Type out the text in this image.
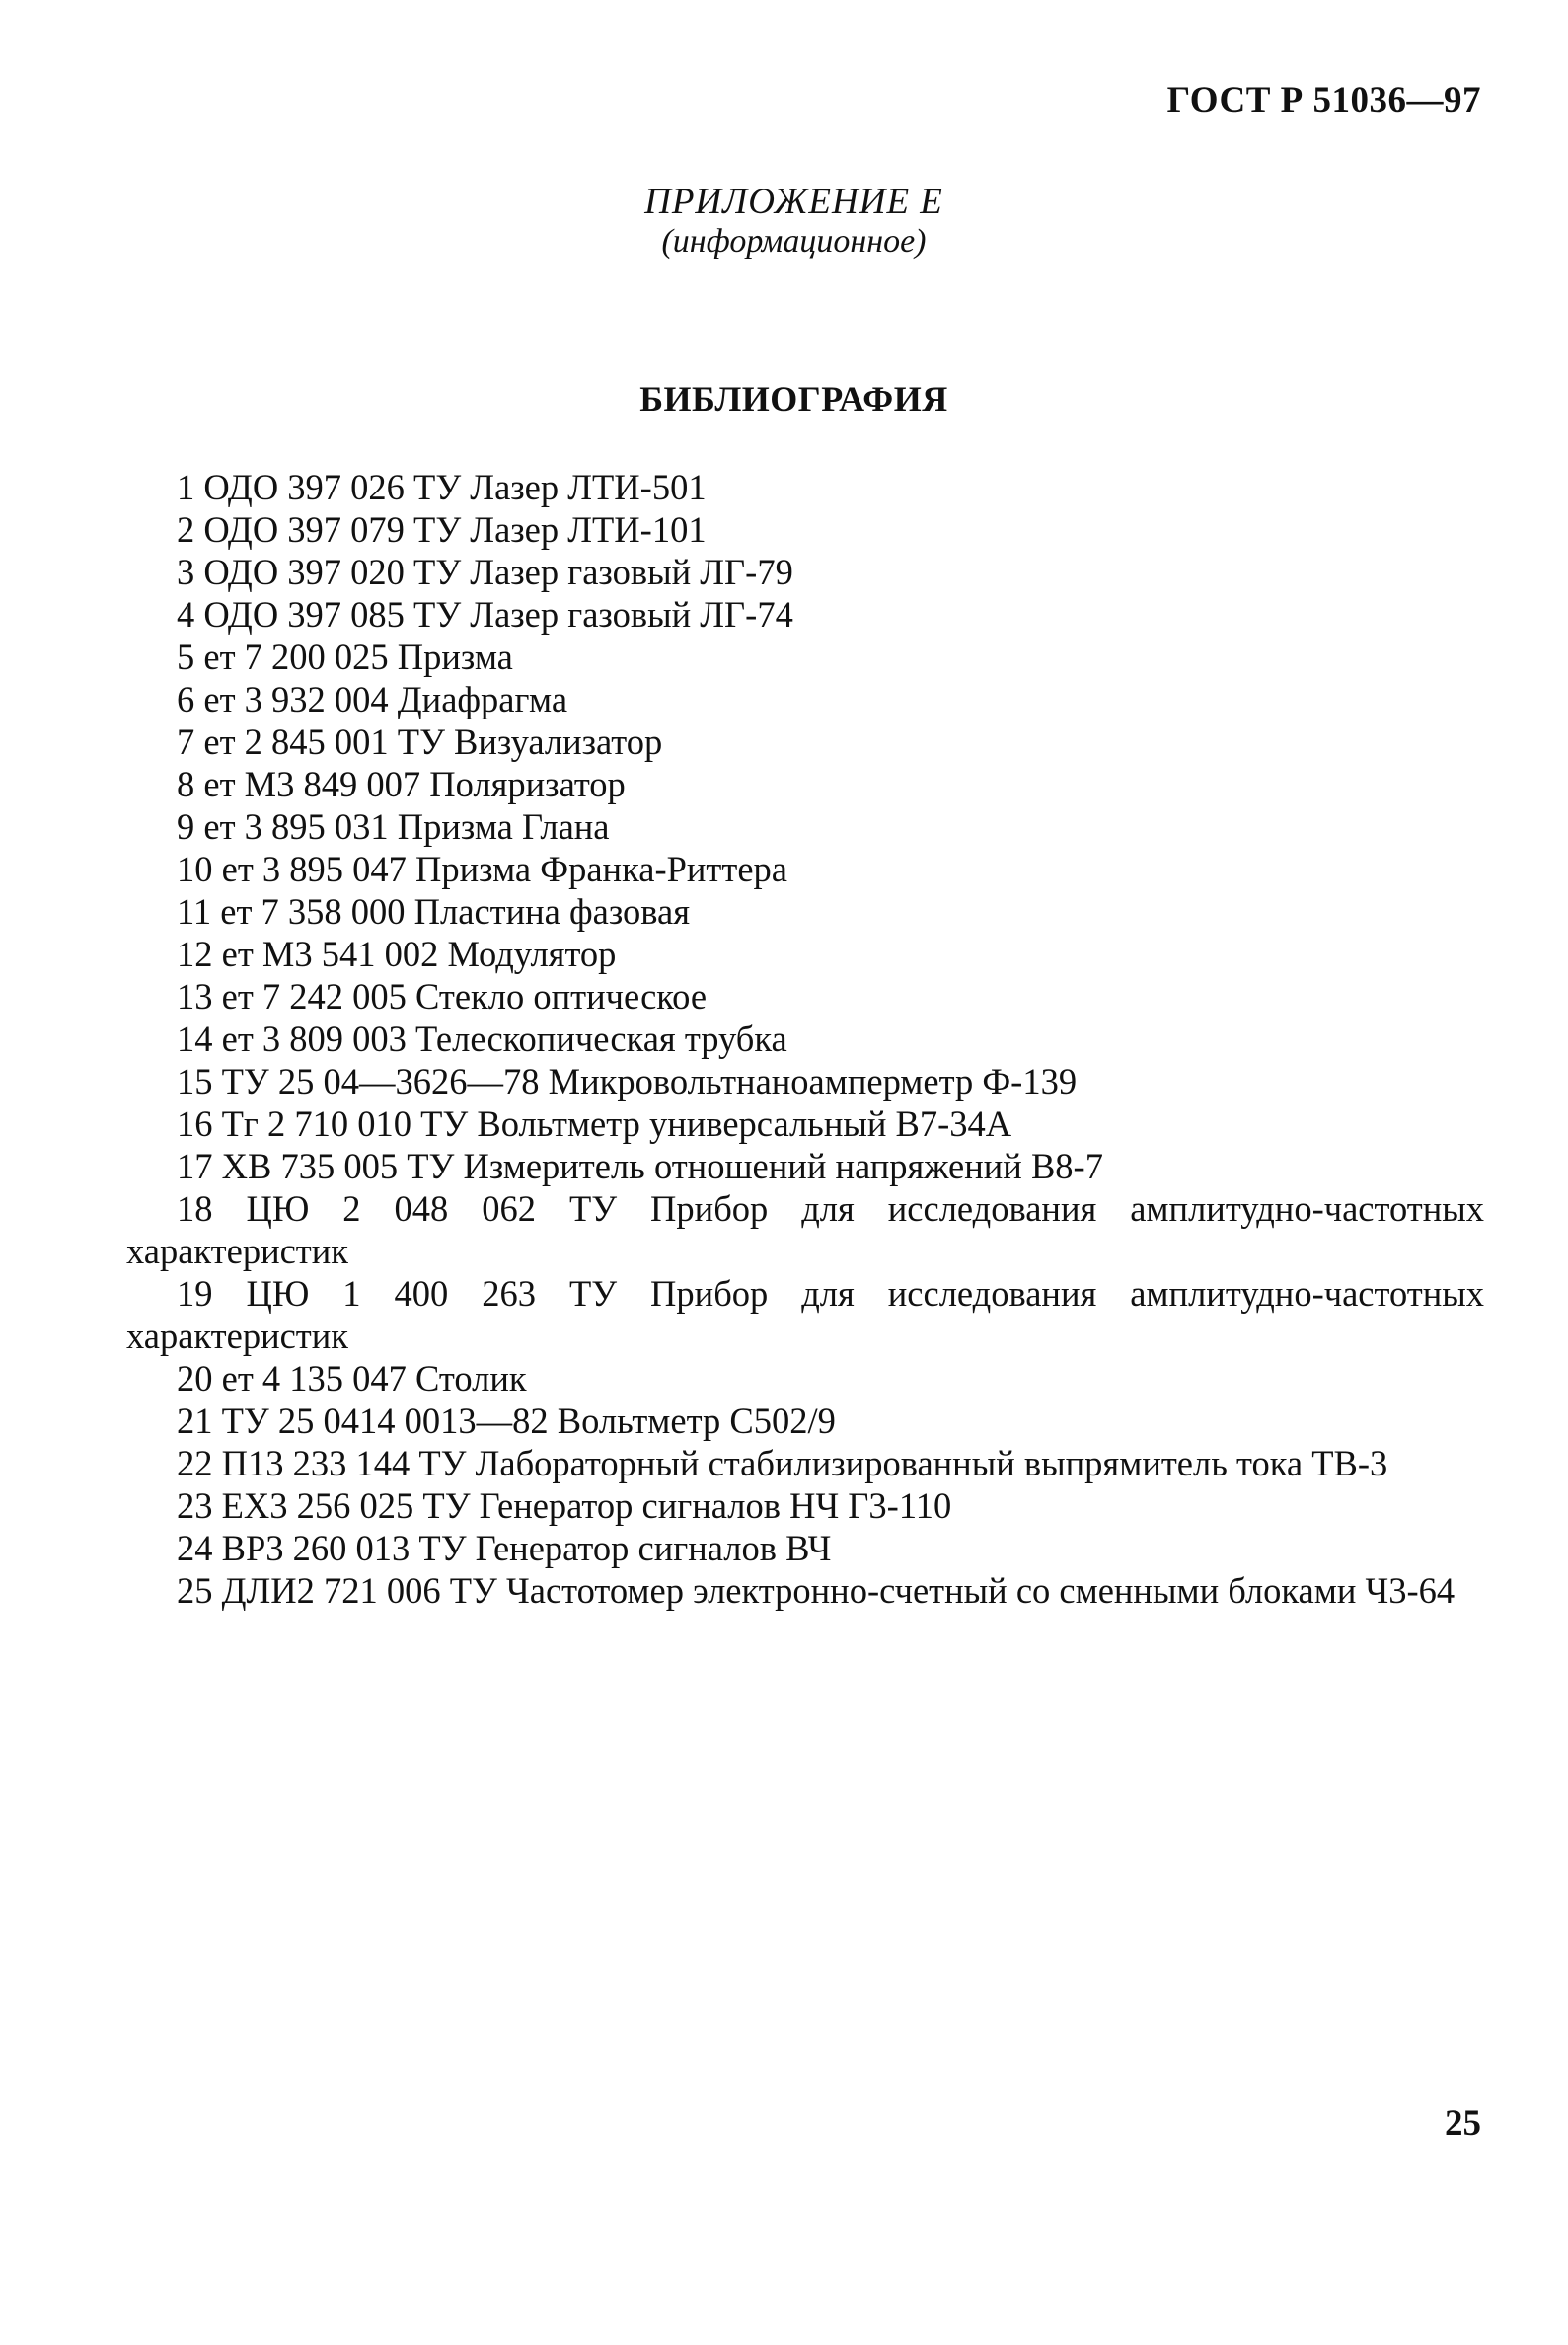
ГОСТ Р 51036—97
ПРИЛОЖЕНИЕ Е
(информационное)
БИБЛИОГРАФИЯ
1 ОДО 397 026 ТУ Лазер ЛТИ-501
2 ОДО 397 079 ТУ Лазер ЛТИ-101
3 ОДО 397 020 ТУ Лазер газовый ЛГ-79
4 ОДО 397 085 ТУ Лазер газовый ЛГ-74
5 ет 7 200 025 Призма
6 ет 3 932 004 Диафрагма
7 ет 2 845 001 ТУ Визуализатор
8 ет М3 849 007 Поляризатор
9 ет 3 895 031 Призма Глана
10 ет 3 895 047 Призма Франка-Риттера
11 ет 7 358 000 Пластина фазовая
12 ет М3 541 002 Модулятор
13 ет 7 242 005 Стекло оптическое
14 ет 3 809 003 Телескопическая трубка
15 ТУ 25 04—3626—78 Микровольтнаноамперметр Ф-139
16 Тг 2 710 010 ТУ Вольтметр универсальный В7-34А
17 ХВ 735 005 ТУ Измеритель отношений напряжений В8-7
18 ЦЮ 2 048 062 ТУ Прибор для исследования амплитудно-частотных характеристик
19 ЦЮ 1 400 263 ТУ Прибор для исследования амплитудно-частотных характеристик
20 ет 4 135 047 Столик
21 ТУ 25 0414 0013—82 Вольтметр С502/9
22 П13 233 144 ТУ Лабораторный стабилизированный выпрямитель тока ТВ-3
23 ЕХ3 256 025 ТУ Генератор сигналов НЧ Г3-110
24 ВР3 260 013 ТУ Генератор сигналов ВЧ
25 ДЛИ2 721 006 ТУ Частотомер электронно-счетный со сменными блоками Ч3-64
25
